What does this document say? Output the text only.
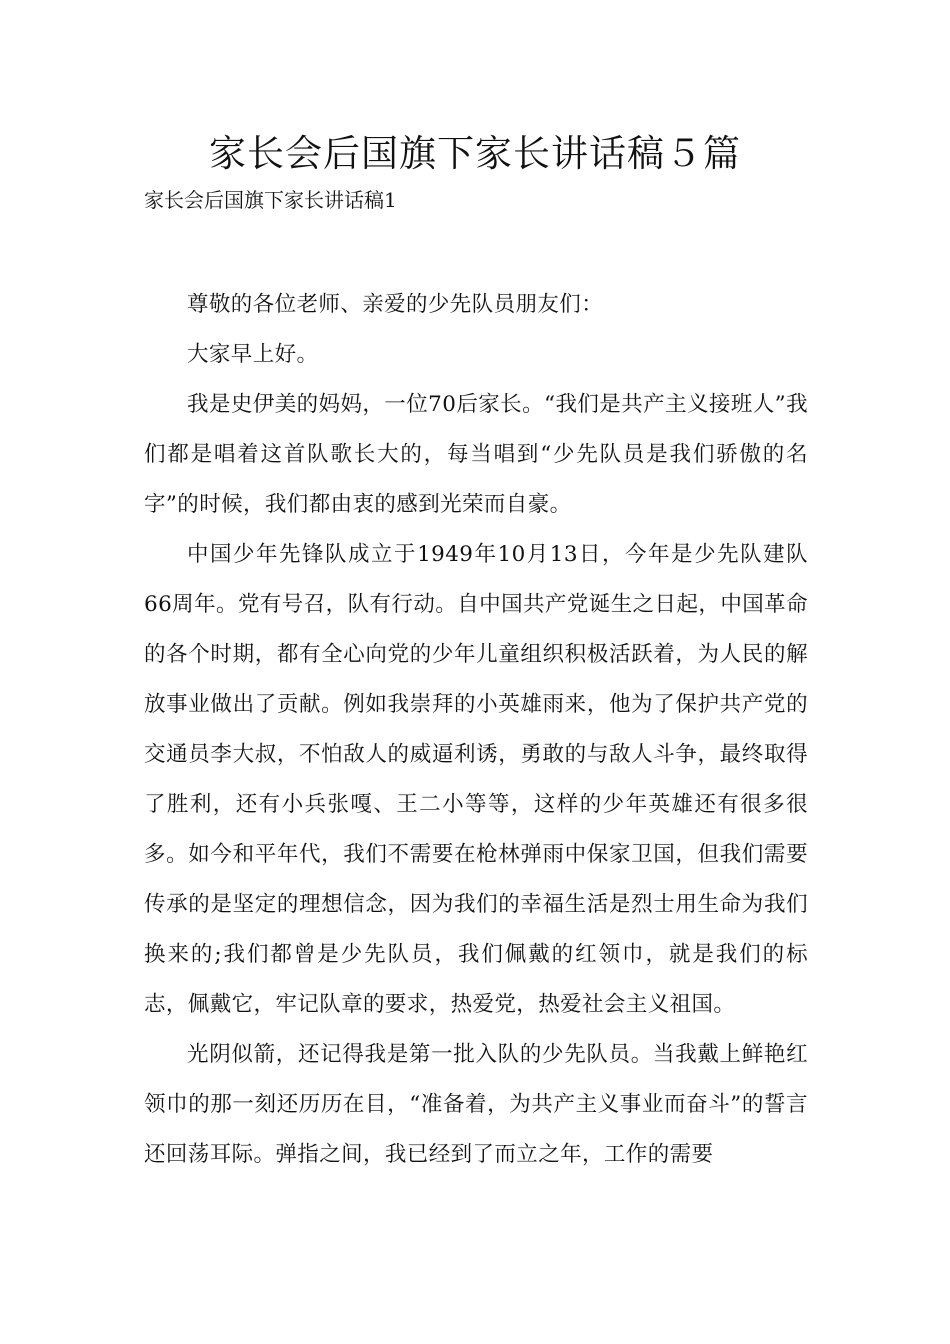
家长会后国旗下家长讲话稿５篇

家长会后国旗下家长讲话稿1

尊敬的各位老师、亲爱的少先队员朋友们：

大家早上好。

我是史伊美的妈妈，一位70后家长。“我们是共产主义接班人”我们都是唱着这首队歌长大的，每当唱到“少先队员是我们骄傲的名字”的时候，我们都由衷的感到光荣而自豪。

中国少年先锋队成立于1949年10月13日，今年是少先队建队66周年。党有号召，队有行动。自中国共产党诞生之日起，中国革命的各个时期，都有全心向党的少年儿童组织积极活跃着，为人民的解放事业做出了贡献。例如我崇拜的小英雄雨来，他为了保护共产党的交通员李大叔，不怕敌人的威逼利诱，勇敢的与敌人斗争，最终取得了胜利，还有小兵张嘎、王二小等等，这样的少年英雄还有很多很多。如今和平年代，我们不需要在枪林弹雨中保家卫国，但我们需要传承的是坚定的理想信念，因为我们的幸福生活是烈士用生命为我们换来的;我们都曾是少先队员，我们佩戴的红领巾，就是我们的标志，佩戴它，牢记队章的要求，热爱党，热爱社会主义祖国。

光阴似箭，还记得我是第一批入队的少先队员。当我戴上鲜艳红领巾的那一刻还历历在目，“准备着，为共产主义事业而奋斗”的誓言还回荡耳际。弹指之间，我已经到了而立之年，工作的需要
